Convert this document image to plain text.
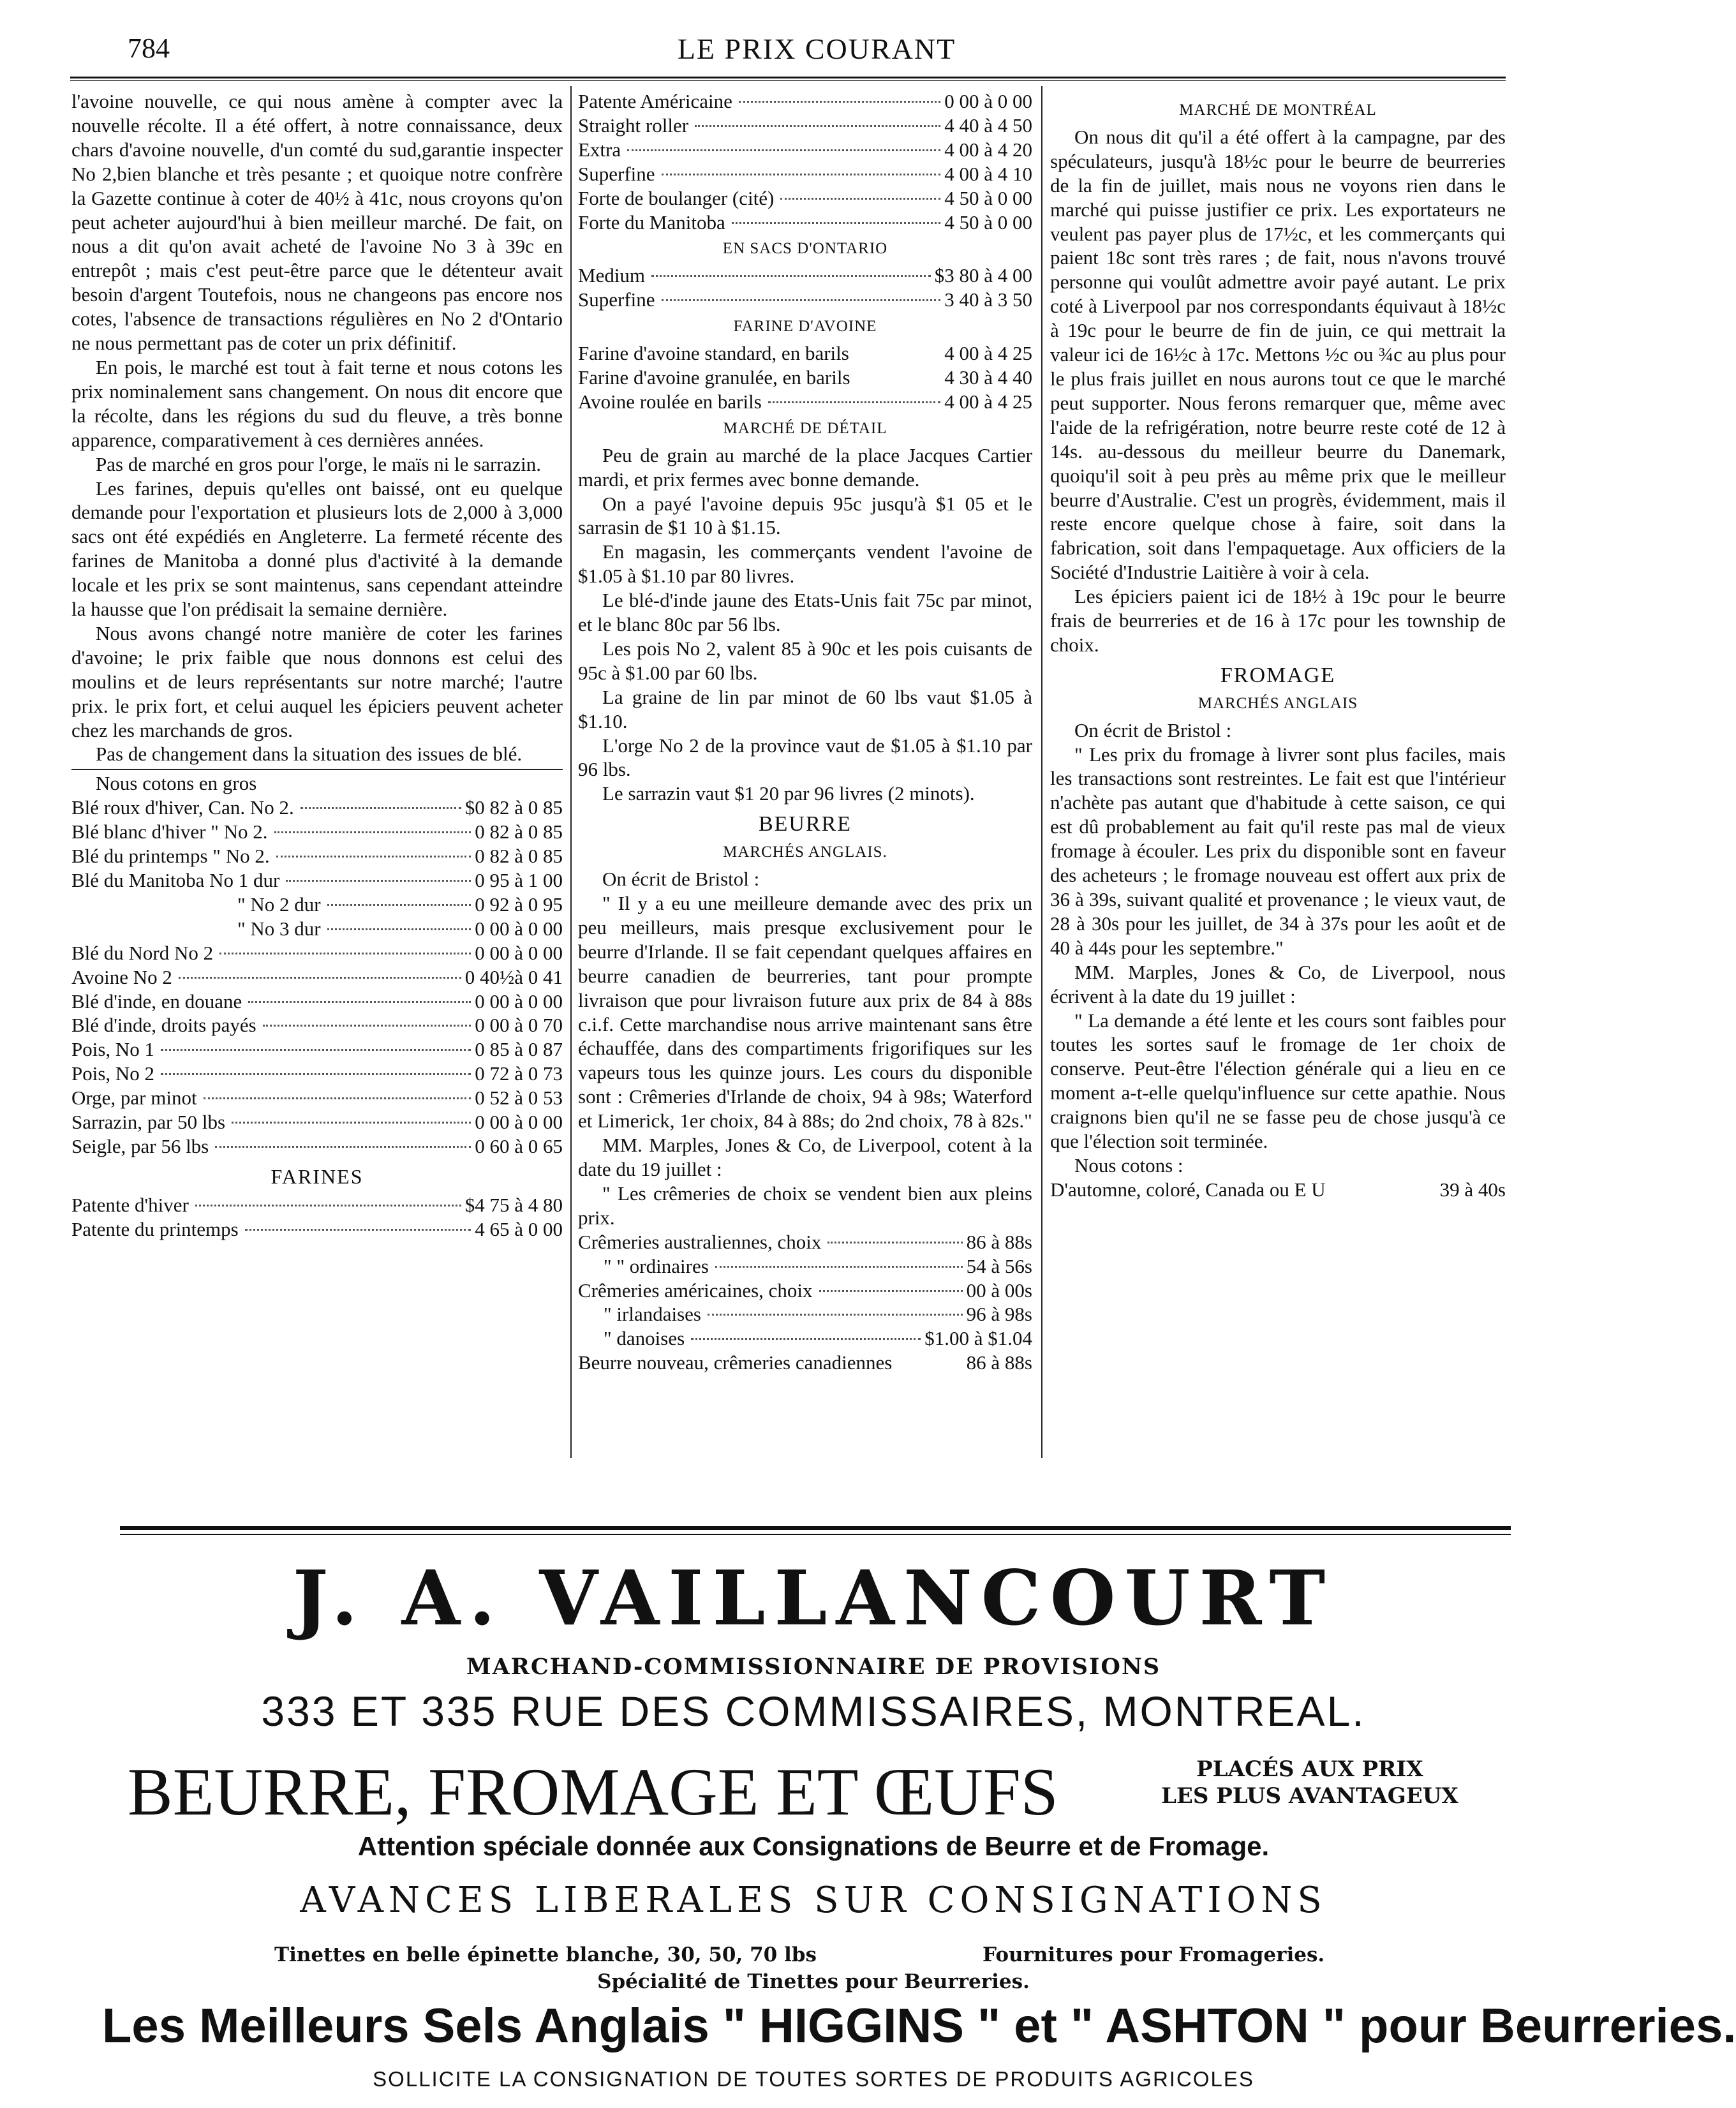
784	LE PRIX COURANT

l'avoine nouvelle, ce qui nous amène à compter avec la nouvelle récolte. Il a été offert, à notre connaissance, deux chars d'avoine nouvelle, d'un comté du sud,garantie inspecter No 2,bien blanche et très pesante ; et quoique notre confrère la Gazette continue à coter de 40½ à 41c, nous croyons qu'on peut acheter aujourd'hui à bien meilleur marché. De fait, on nous a dit qu'on avait acheté de l'avoine No 3 à 39c en entrepôt ; mais c'est peut-être parce que le détenteur avait besoin d'argent Toutefois, nous ne changeons pas encore nos cotes, l'absence de transactions régulières en No 2 d'Ontario ne nous permettant pas de coter un prix définitif.

En pois, le marché est tout à fait terne et nous cotons les prix nominalement sans changement. On nous dit encore que la récolte, dans les régions du sud du fleuve, a très bonne apparence, comparativement à ces dernières années.

Pas de marché en gros pour l'orge, le maïs ni le sarrazin.

Les farines, depuis qu'elles ont baissé, ont eu quelque demande pour l'exportation et plusieurs lots de 2,000 à 3,000 sacs ont été expédiés en Angleterre. La fermeté récente des farines de Manitoba a donné plus d'activité à la demande locale et les prix se sont maintenus, sans cependant atteindre la hausse que l'on prédisait la semaine dernière.

Nous avons changé notre manière de coter les farines d'avoine; le prix faible que nous donnons est celui des moulins et de leurs représentants sur notre marché; l'autre prix. le prix fort, et celui auquel les épiciers peuvent acheter chez les marchands de gros.

Pas de changement dans la situation des issues de blé.

Nous cotons en gros

Blé roux d'hiver, Can. No 2.	$0 82 à 0 85
Blé blanc d'hiver " No 2.	0 82 à 0 85
Blé du printemps " No 2.	0 82 à 0 85
Blé du Manitoba No 1 dur	0 95 à 1 00
" No 2 dur	0 92 à 0 95
" No 3 dur	0 00 à 0 00
Blé du Nord No 2	0 00 à 0 00
Avoine No 2	0 40½à 0 41
Blé d'inde, en douane	0 00 à 0 00
Blé d'inde, droits payés	0 00 à 0 70
Pois, No 1	0 85 à 0 87
Pois, No 2	0 72 à 0 73
Orge, par minot	0 52 à 0 53
Sarrazin, par 50 lbs	0 00 à 0 00
Seigle, par 56 lbs	0 60 à 0 65
FARINES
Patente d'hiver	$4 75 à 4 80
Patente du printemps	4 65 à 0 00
Patente Américaine	0 00 à 0 00
Straight roller	4 40 à 4 50
Extra	4 00 à 4 20
Superfine	4 00 à 4 10
Forte de boulanger (cité)	4 50 à 0 00
Forte du Manitoba	4 50 à 0 00
EN SACS D'ONTARIO
Medium	$3 80 à 4 00
Superfine	3 40 à 3 50
FARINE D'AVOINE
Farine d'avoine standard, en barils	4 00 à 4 25
Farine d'avoine granulée, en barils	4 30 à 4 40
Avoine roulée en barils	4 00 à 4 25
MARCHÉ DE DÉTAIL

Peu de grain au marché de la place Jacques Cartier mardi, et prix fermes avec bonne demande.

On a payé l'avoine depuis 95c jusqu'à $1 05 et le sarrasin de $1 10 à $1.15.

En magasin, les commerçants vendent l'avoine de $1.05 à $1.10 par 80 livres.

Le blé-d'inde jaune des Etats-Unis fait 75c par minot, et le blanc 80c par 56 lbs.

Les pois No 2, valent 85 à 90c et les pois cuisants de 95c à $1.00 par 60 lbs.

La graine de lin par minot de 60 lbs vaut $1.05 à $1.10.

L'orge No 2 de la province vaut de $1.05 à $1.10 par 96 lbs.

Le sarrazin vaut $1 20 par 96 livres (2 minots).

BEURRE
MARCHÉS ANGLAIS.

On écrit de Bristol :

" Il y a eu une meilleure demande avec des prix un peu meilleurs, mais presque exclusivement pour le beurre d'Irlande. Il se fait cependant quelques affaires en beurre canadien de beurreries, tant pour prompte livraison que pour livraison future aux prix de 84 à 88s c.i.f. Cette marchandise nous arrive maintenant sans être échauffée, dans des compartiments frigorifiques sur les vapeurs tous les quinze jours. Les cours du disponible sont : Crêmeries d'Irlande de choix, 94 à 98s; Waterford et Limerick, 1er choix, 84 à 88s; do 2nd choix, 78 à 82s."

MM. Marples, Jones & Co, de Liverpool, cotent à la date du 19 juillet :

" Les crêmeries de choix se vendent bien aux pleins prix.

Crêmeries australiennes, choix	86 à 88s
" " ordinaires	54 à 56s
Crêmeries américaines, choix	00 à 00s
" irlandaises	96 à 98s
" danoises	$1.00 à $1.04
Beurre nouveau, crêmeries canadiennes	86 à 88s
MARCHÉ DE MONTRÉAL

On nous dit qu'il a été offert à la campagne, par des spéculateurs, jusqu'à 18½c pour le beurre de beurreries de la fin de juillet, mais nous ne voyons rien dans le marché qui puisse justifier ce prix. Les exportateurs ne veulent pas payer plus de 17½c, et les commerçants qui paient 18c sont très rares ; de fait, nous n'avons trouvé personne qui voulût admettre avoir payé autant. Le prix coté à Liverpool par nos correspondants équivaut à 18½c à 19c pour le beurre de fin de juin, ce qui mettrait la valeur ici de 16½c à 17c. Mettons ½c ou ¾c au plus pour le plus frais juillet en nous aurons tout ce que le marché peut supporter. Nous ferons remarquer que, même avec l'aide de la refrigération, notre beurre reste coté de 12 à 14s. au-dessous du meilleur beurre du Danemark, quoiqu'il soit à peu près au même prix que le meilleur beurre d'Australie. C'est un progrès, évidemment, mais il reste encore quelque chose à faire, soit dans la fabrication, soit dans l'empaquetage. Aux officiers de la Société d'Industrie Laitière à voir à cela.

Les épiciers paient ici de 18½ à 19c pour le beurre frais de beurreries et de 16 à 17c pour les township de choix.

FROMAGE
MARCHÉS ANGLAIS

On écrit de Bristol :

" Les prix du fromage à livrer sont plus faciles, mais les transactions sont restreintes. Le fait est que l'intérieur n'achète pas autant que d'habitude à cette saison, ce qui est dû probablement au fait qu'il reste pas mal de vieux fromage à écouler. Les prix du disponible sont en faveur des acheteurs ; le fromage nouveau est offert aux prix de 36 à 39s, suivant qualité et provenance ; le vieux vaut, de 28 à 30s pour les juillet, de 34 à 37s pour les août et de 40 à 44s pour les septembre."

MM. Marples, Jones & Co, de Liverpool, nous écrivent à la date du 19 juillet :

" La demande a été lente et les cours sont faibles pour toutes les sortes sauf le fromage de 1er choix de conserve. Peut-être l'élection générale qui a lieu en ce moment a-t-elle quelqu'influence sur cette apathie. Nous craignons bien qu'il ne se fasse peu de chose jusqu'à ce que l'élection soit terminée.

Nous cotons :

D'automne, coloré, Canada ou E U	39 à 40s
J. A. VAILLANCOURT
MARCHAND-COMMISSIONNAIRE DE PROVISIONS
333 ET 335 RUE DES COMMISSAIRES, MONTREAL.
BEURRE, FROMAGE ET ŒUFS	PLACÉS AUX PRIX
LES PLUS AVANTAGEUX
Attention spéciale donnée aux Consignations de Beurre et de Fromage.
AVANCES LIBERALES SUR CONSIGNATIONS
Tinettes en belle épinette blanche, 30, 50, 70 lbs	Fournitures pour Fromageries.
Spécialité de Tinettes pour Beurreries.
Les Meilleurs Sels Anglais " HIGGINS " et " ASHTON " pour Beurreries.
SOLLICITE LA CONSIGNATION DE TOUTES SORTES DE PRODUITS AGRICOLES
